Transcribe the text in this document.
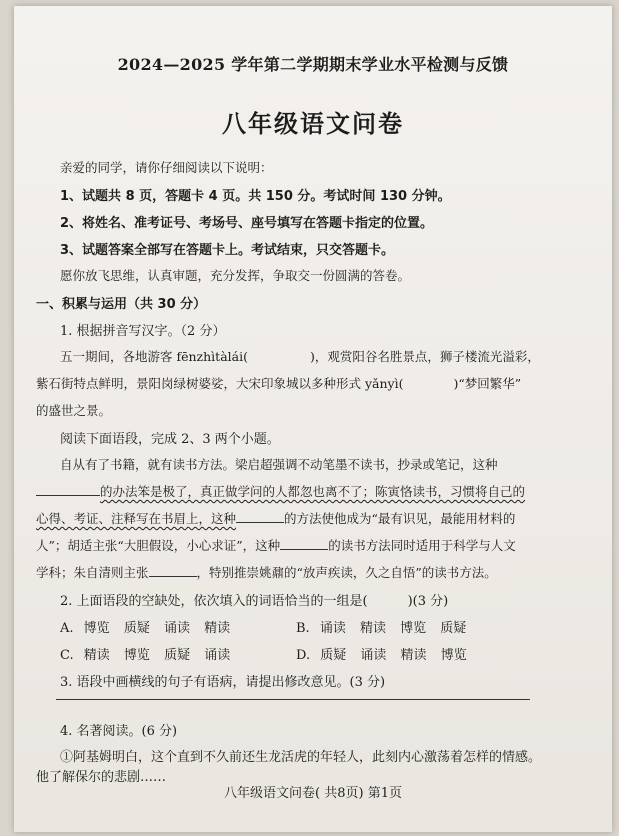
2024—2025 学年第二学期期末学业水平检测与反馈
八年级语文问卷
亲爱的同学，请你仔细阅读以下说明：
1、试题共 8 页，答题卡 4 页。共 150 分。考试时间 130 分钟。
2、将姓名、准考证号、考场号、座号填写在答题卡指定的位置。
3、试题答案全部写在答题卡上。考试结束，只交答题卡。
愿你放飞思维，认真审题，充分发挥，争取交一份圆满的答卷。
一、积累与运用（共 30 分）
1. 根据拼音写汉字。（2 分）
五一期间，各地游客 fēnzhìtàlái(	)，观赏阳谷名胜景点，狮子楼流光溢彩，
紫石街特点鲜明，景阳岗绿树婆娑，大宋印象城以多种形式 yǎnyì(	)“梦回繁华”
的盛世之景。
阅读下面语段，完成 2、3 两个小题。
自从有了书籍，就有读书方法。梁启超强调不动笔墨不读书，抄录或笔记，这种
的办法笨是极了，真正做学问的人都忽也离不了；陈寅恪读书，习惯将自己的
心得、考证、注释写在书眉上，这种	的方法使他成为“最有识见，最能用材料的
人”；胡适主张“大胆假设，小心求证”，这种	的读书方法同时适用于科学与人文
学科；朱自清则主张	，特别推崇姚鼐的“放声疾读，久之自悟”的读书方法。
2. 上面语段的空缺处，依次填入的词语恰当的一组是(	)(3 分)
A. 博览 质疑 诵读 精读	B. 诵读 精读 博览 质疑
C. 精读 博览 质疑 诵读	D. 质疑 诵读 精读 博览
3. 语段中画横线的句子有语病，请提出修改意见。(3 分)
4. 名著阅读。(6 分)
①阿基姆明白，这个直到不久前还生龙活虎的年轻人，此刻内心激荡着怎样的情感。
他了解保尔的悲剧……
八年级语文问卷( 共8页) 第1页
